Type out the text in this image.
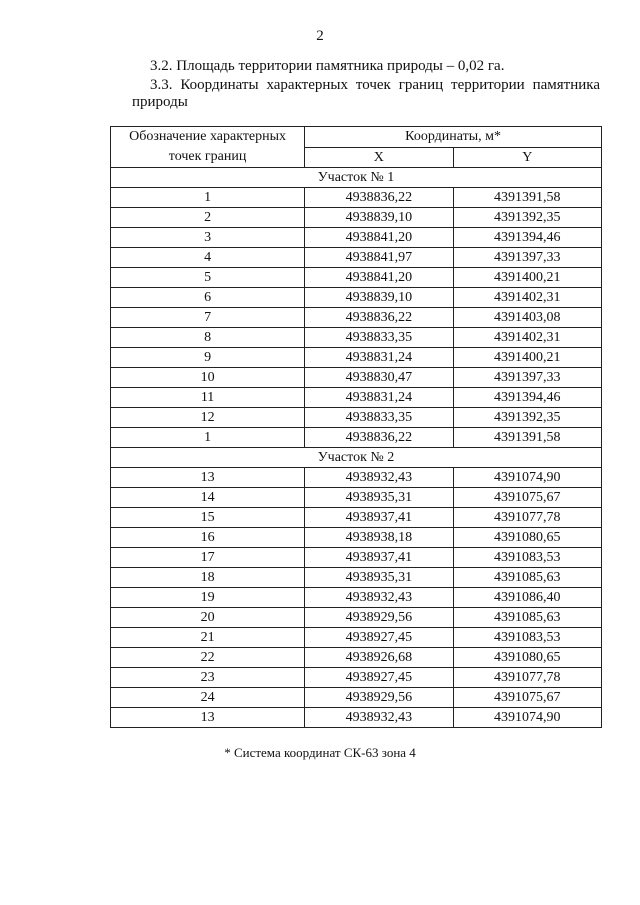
2
3.2. Площадь территории памятника природы – 0,02 га.
3.3. Координаты характерных точек границ территории памятника
природы
Обозначение характерных
точек границ	Координаты, м*	
	X	Y
Участок № 1		
1	4938836,22	4391391,58
2	4938839,10	4391392,35
3	4938841,20	4391394,46
4	4938841,97	4391397,33
5	4938841,20	4391400,21
6	4938839,10	4391402,31
7	4938836,22	4391403,08
8	4938833,35	4391402,31
9	4938831,24	4391400,21
10	4938830,47	4391397,33
11	4938831,24	4391394,46
12	4938833,35	4391392,35
1	4938836,22	4391391,58
Участок № 2		
13	4938932,43	4391074,90
14	4938935,31	4391075,67
15	4938937,41	4391077,78
16	4938938,18	4391080,65
17	4938937,41	4391083,53
18	4938935,31	4391085,63
19	4938932,43	4391086,40
20	4938929,56	4391085,63
21	4938927,45	4391083,53
22	4938926,68	4391080,65
23	4938927,45	4391077,78
24	4938929,56	4391075,67
13	4938932,43	4391074,90
* Система координат СК-63 зона 4
